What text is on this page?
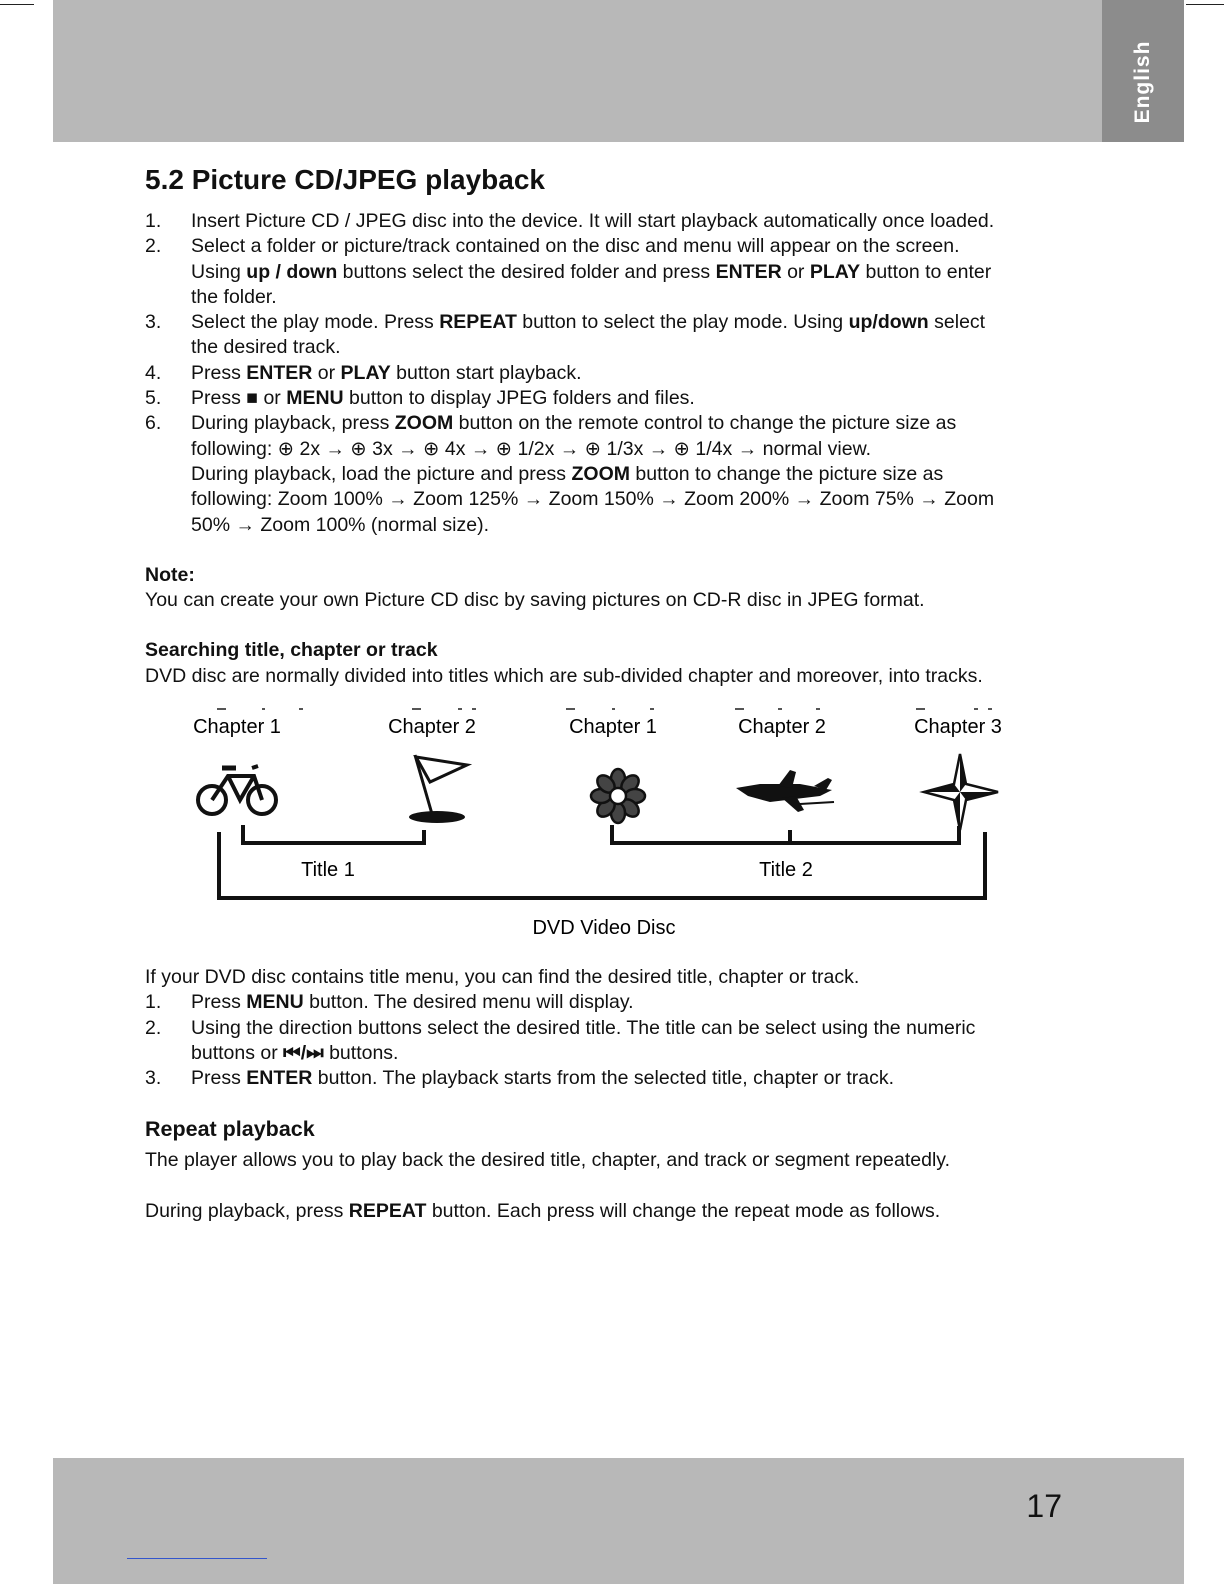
English
5.2 Picture CD/JPEG playback
1. Insert Picture CD / JPEG disc into the device. It will start playback automatically once loaded.
2. Select a folder or picture/track contained on the disc and menu will appear on the screen.
Using up / down buttons select the desired folder and press ENTER or PLAY button to enter
the folder.
3. Select the play mode. Press REPEAT button to select the play mode. Using up/down select
the desired track.
4. Press ENTER or PLAY button start playback.
5. Press ■ or MENU button to display JPEG folders and files.
6. During playback, press ZOOM button on the remote control to change the picture size as
following: ⊕ 2x → ⊕ 3x → ⊕ 4x → ⊕ 1/2x → ⊕ 1/3x → ⊕ 1/4x → normal view.
During playback, load the picture and press ZOOM button to change the picture size as
following: Zoom 100% → Zoom 125% → Zoom 150% → Zoom 200% → Zoom 75% → Zoom
50% → Zoom 100% (normal size).
Note:

You can create your own Picture CD disc by saving pictures on CD-R disc in JPEG format.

Searching title, chapter or track

DVD disc are normally divided into titles which are sub-divided chapter and moreover, into tracks.

Chapter 1	Chapter 2	Chapter 1	Chapter 2	Chapter 3
Title 1	Title 2
DVD Video Disc

If your DVD disc contains title menu, you can find the desired title, chapter or track.

1. Press MENU button. The desired menu will display.
2. Using the direction buttons select the desired title. The title can be select using the numeric
buttons or ⏮/⏭ buttons.
3. Press ENTER button. The playback starts from the selected title, chapter or track.
Repeat playback

The player allows you to play back the desired title, chapter, and track or segment repeatedly.

During playback, press REPEAT button. Each press will change the repeat mode as follows.

17
